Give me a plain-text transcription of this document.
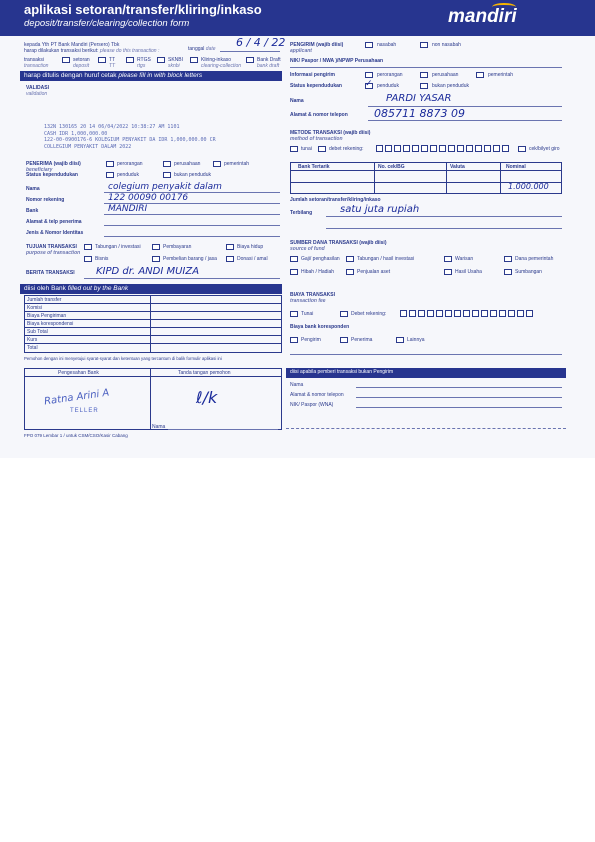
aplikasi setoran/transfer/kliring/inkaso
deposit/transfer/clearing/collection form	mandiri
kepada Yth PT Bank Mandiri (Persero) Tbk
harap dilakukan transaksi berikut: please do this transaction :	tanggal date 6 / 4 / 22
transaksi
transaction
setoran
deposit
TT
TT
RTGS
rtgs
SKNBI
sknbi
Kliring-inkaso
clearing-collection
Bank Draft
bank draft
harap ditulis dengan huruf cetak please fill in with block letters
VALIDASI
validation
132N 130165 20 14 06/04/2022 10:38:27 AM 1101
CASH IDR 1,000,000.00
122-00-0900176-6 KOLEGIUM PENYAKIT DA IDR 1,000,000.00 CR
COLLEGIUM PENYAKIT DALAM 2022
PENERIMA (wajib diisi)
beneficiary
perorangan	perusahaan	pemerintah
Status kependudukan	penduduk	bukan penduduk
Nama	colegium penyakit dalam
Nomor rekening	122 00090 00176
Bank	MANDIRI
Alamat & telp penerima
Jenis & Nomor Identitas
TUJUAN TRANSAKSI
purpose of transaction
Tabungan / investasi	Pembayaran	Biaya hidup
Bisnis	Pembelian barang / jasa	Donasi / amal
BERITA TRANSAKSI KIPD dr. ANDI MUIZA
diisi oleh Bank filled out by the Bank
Jumlah transfer
Komisi
Biaya Pengiriman
Biaya korespondensi
Sub Total
Kurs
Total
Pemohon dengan ini menyetujui syarat-syarat dan ketentuan yang tercantum di balik formulir aplikasi ini
Pengesahan Bank	Tanda tangan pemohon
Ratna Arini A
TELLER
ℓ/k
Nama
FPO 079 Lembar 1 / untuk CSM/CSO/Kasir Cabang
PENGIRIM (wajib diisi)
applicant
nasabah	non nasabah
NIK/ Paspor / NWA )/NPWP Perusahaan
Informasi pengirim	perorangan	perusahaan	pemerintah
Status kependudukan	✓ penduduk	bukan penduduk
Nama	PARDI YASAR
Alamat & nomor telepon 085711 8873 09
METODE TRANSAKSI (wajib diisi)
method of transaction
tunai	debet rekening:	cek/bilyet giro
Bank Tertarik	No. cek/BG	Valuta	Nominal
1.000.000
Jumlah setoran/transfer/kliring/inkaso
Terbilang	satu juta rupiah
SUMBER DANA TRANSAKSI (wajib diisi)
source of fund
Gaji/ penghasilan	Tabungan / hasil investasi	Warisan	Dana pemerintah
Hibah / Hadiah	Penjualan aset	Hasil Usaha	Sumbangan
BIAYA TRANSAKSI
transaction fee
Tunai	Debet rekening:
Biaya bank koresponden
Pengirim	Penerima	Lainnya
diisi apabila pemberi transaksi bukan Pengirim
Nama
Alamat & nomor telepon
NIK/ Paspor (WNA)
